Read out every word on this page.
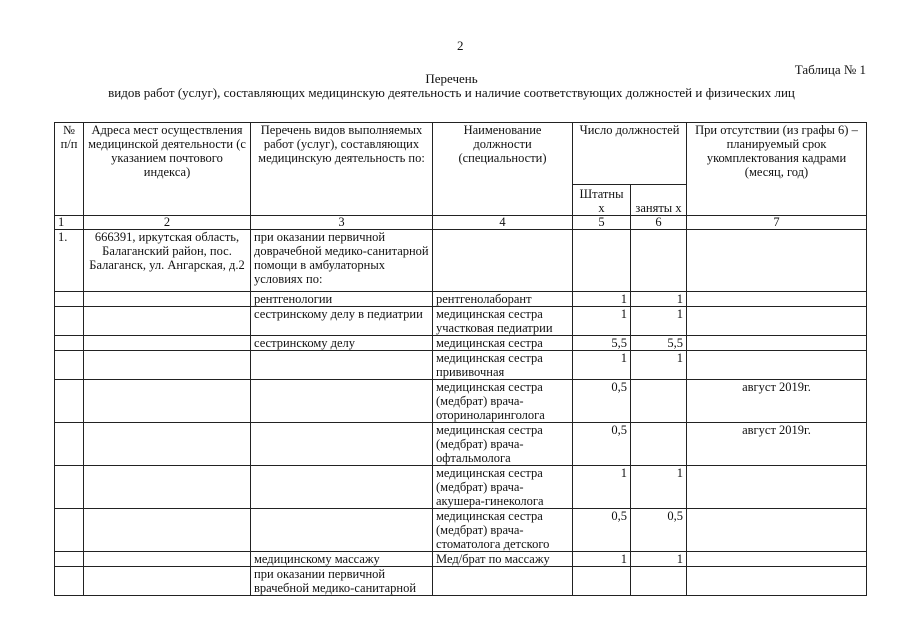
2
Таблица № 1
Перечень
видов работ (услуг), составляющих медицинскую деятельность и наличие соответствующих должностей и физических лиц
№ п/п	Адреса мест осуществления медицинской деятельности (с указанием почтового индекса)	Перечень видов выполняемых работ (услуг), составляющих медицинскую деятельность по:	Наименование должности (специальности)	Число должностей		При отсутствии (из графы 6) – планируемый срок укомплектования кадрами (месяц, год)
				Штатны х	заняты х	
1	2	3	4	5	6	7
1.	666391, иркутская область, Балаганский район, пос. Балаганск, ул. Ангарская, д.2	при оказании первичной доврачебной медико-санитарной помощи в амбулаторных условиях по:				
		рентгенологии	рентгенолаборант	1	1	
		сестринскому делу в педиатрии	медицинская сестра участковая педиатрии	1	1	
		сестринскому делу	медицинская сестра	5,5	5,5	
			медицинская сестра прививочная	1	1	
			медицинская сестра (медбрат) врача-оториноларинголога	0,5		август 2019г.
			медицинская сестра (медбрат) врача-офтальмолога	0,5		август 2019г.
			медицинская сестра (медбрат) врача-акушера-гинеколога	1	1	
			медицинская сестра (медбрат) врача-стоматолога детского	0,5	0,5	
		медицинскому массажу	Мед/брат по массажу	1	1	
		при оказании первичной врачебной медико-санитарной				
